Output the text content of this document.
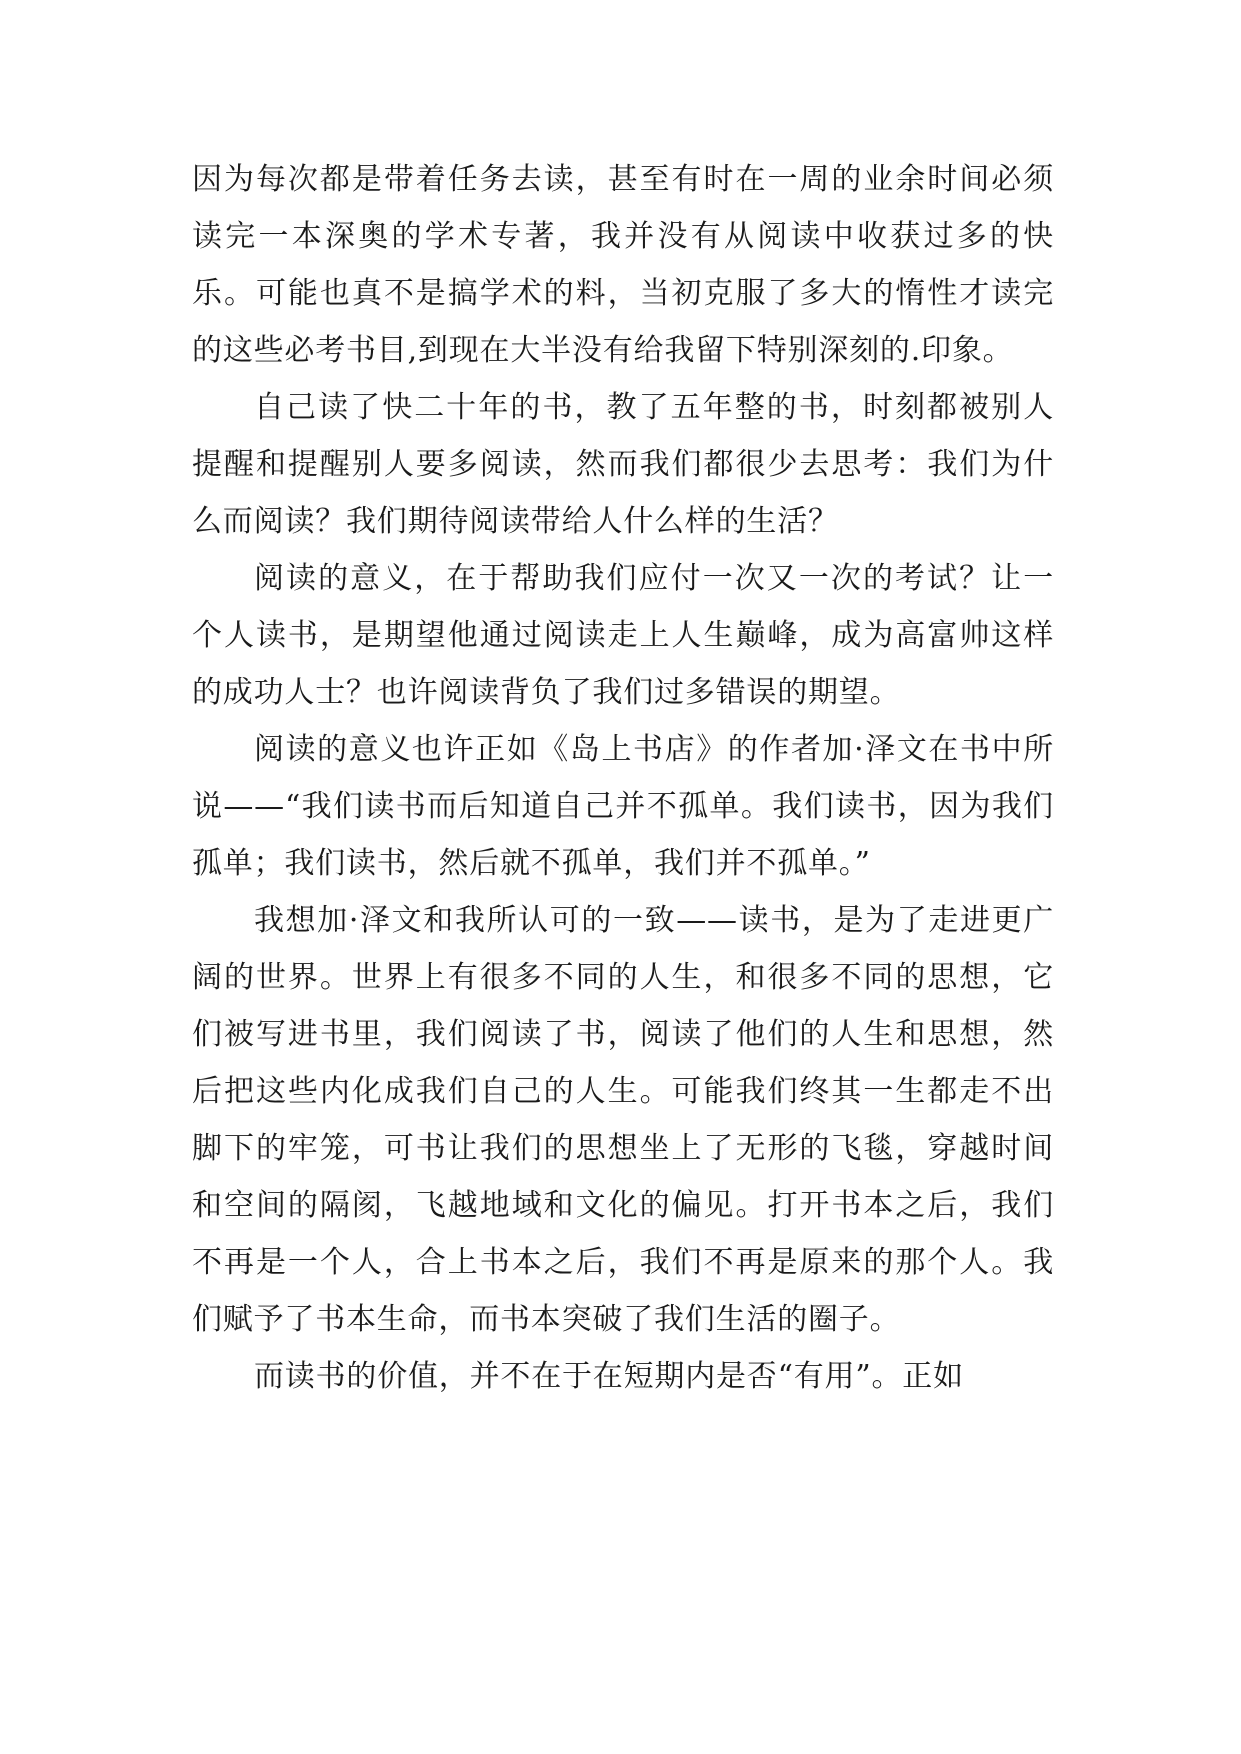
因为每次都是带着任务去读，甚至有时在一周的业余时间必须读完一本深奥的学术专著，我并没有从阅读中收获过多的快乐。可能也真不是搞学术的料，当初克服了多大的惰性才读完的这些必考书目,到现在大半没有给我留下特别深刻的.印象。

自己读了快二十年的书，教了五年整的书，时刻都被别人提醒和提醒别人要多阅读，然而我们都很少去思考：我们为什么而阅读？我们期待阅读带给人什么样的生活？

阅读的意义，在于帮助我们应付一次又一次的考试？让一个人读书，是期望他通过阅读走上人生巅峰，成为高富帅这样的成功人士？也许阅读背负了我们过多错误的期望。

阅读的意义也许正如《岛上书店》的作者加·泽文在书中所说——“我们读书而后知道自己并不孤单。我们读书，因为我们孤单；我们读书，然后就不孤单，我们并不孤单。”

我想加·泽文和我所认可的一致——读书，是为了走进更广阔的世界。世界上有很多不同的人生，和很多不同的思想，它们被写进书里，我们阅读了书，阅读了他们的人生和思想，然后把这些内化成我们自己的人生。可能我们终其一生都走不出脚下的牢笼，可书让我们的思想坐上了无形的飞毯，穿越时间和空间的隔阂，飞越地域和文化的偏见。打开书本之后，我们不再是一个人，合上书本之后，我们不再是原来的那个人。我们赋予了书本生命，而书本突破了我们生活的圈子。

而读书的价值，并不在于在短期内是否“有用”。正如
